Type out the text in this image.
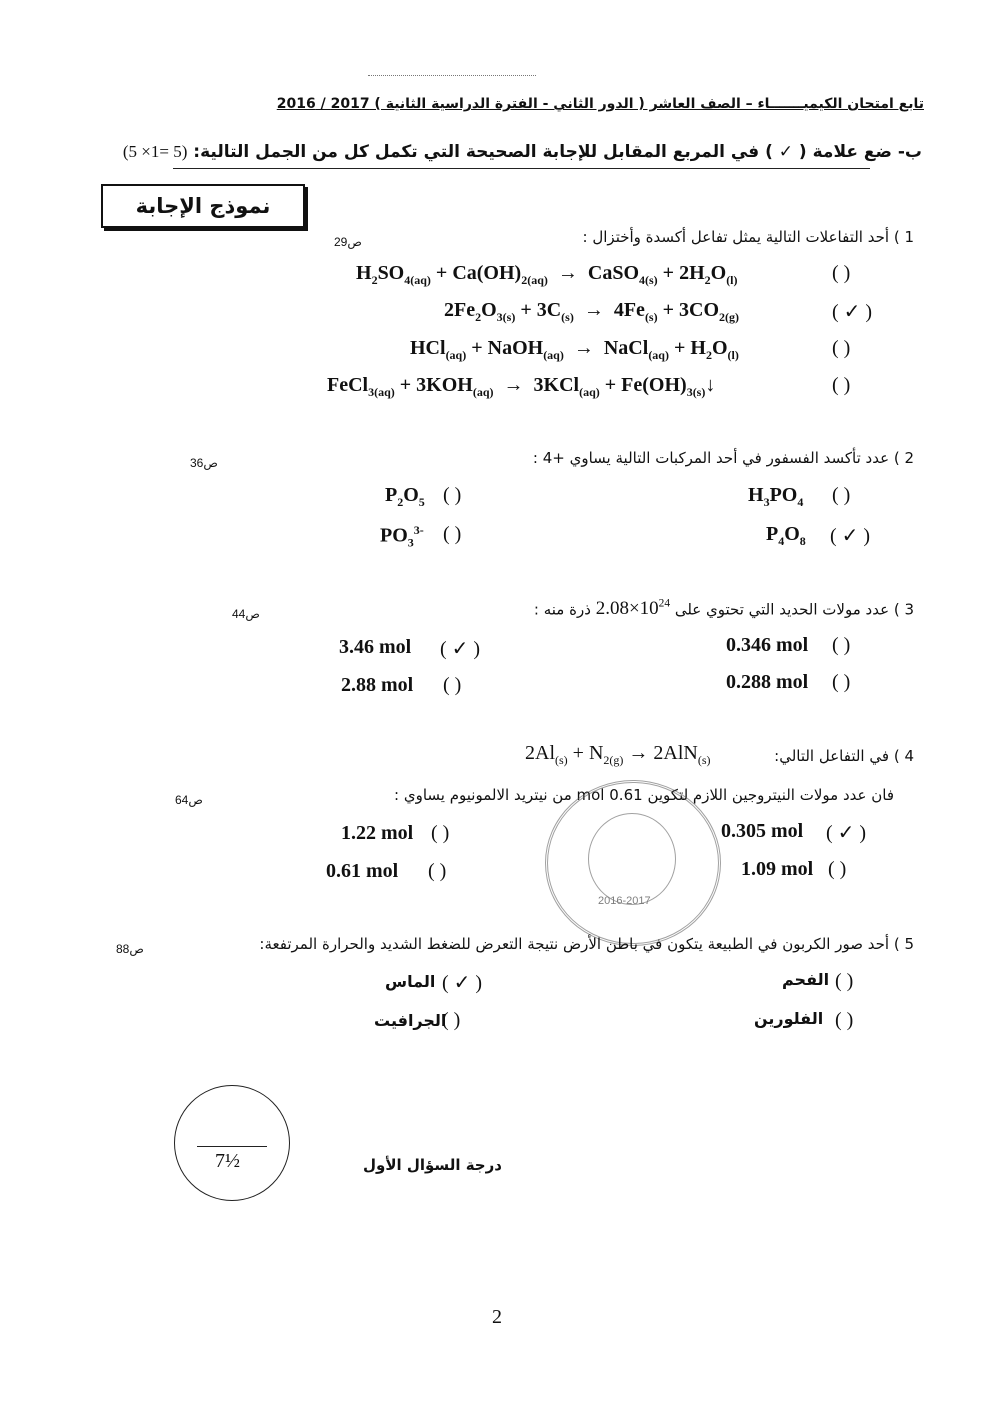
تابع امتحان الكيميـــــــاء – الصف العاشر ( الدور الثاني - الفترة الدراسية الثانية ) 2017 / 2016
ب- ضع علامة ( ✓ ) في المربع المقابل للإجابة الصحيحة التي تكمل كل من الجمل التالية: (5 =1× 5)
نموذج الإجابة
1 ) أحد التفاعلات التالية يمثل تفاعل أكسدة وأختزال :
ص29
$H_2SO_{4(aq)} + Ca(OH)_{2(aq)}$  →  CaSO$_{4(s)}$ + $2H_2O_{(l)}$	( )
$2Fe_2O_{3(s)} + 3C_{(s)} \to 4Fe_{(s)} + 3CO_{2(g)}$	( ✓ )
HCl$_{(aq)}$ + NaOH$_{(aq)}$  →  NaCl$_{(aq)}$ + $H_2O_{(l)}$	( )
FeCl$_{3(aq)}$ + $3KOH_{(aq)} \to 3KCl_{(aq)}$ + $Fe(OH)_{3(s)}↓$	( )
2 ) عدد تأكسد الفسفور في أحد المركبات التالية يساوي +4 :
ص36
$H_3PO_4$ ( )
$P_2O_5$ ( )
$P_4O_8$ ( ✓ )
$PO_3^{3-}$ ( )
3 ) عدد مولات الحديد التي تحتوي على $2.08\times 10^{24}$ ذرة منه :
ص44
0.346 mol ( )
3.46 mol ( ✓ )
0.288 mol ( )
2.88 mol ( )
4 ) في التفاعل التالي:
$2Al_{(s)} + N_{2(g)} \to 2AlN_{(s)}$
فان عدد مولات النيتروجين اللازم لتكوين 0.61 mol من نيتريد الالمونيوم يساوي :
ص64
2016-2017
0.305 mol ( ✓ )
1.22 mol ( )
1.09 mol ( )
0.61 mol ( )
5 ) أحد صور الكربون في الطبيعة يتكون في باطن الأرض نتيجة التعرض للضغط الشديد والحرارة المرتفعة:
ص88
الفحم ( )
الماس ( ✓ )
الفلورين ( )
الجرافيت
( )
7½	درجة السؤال الأول
2
